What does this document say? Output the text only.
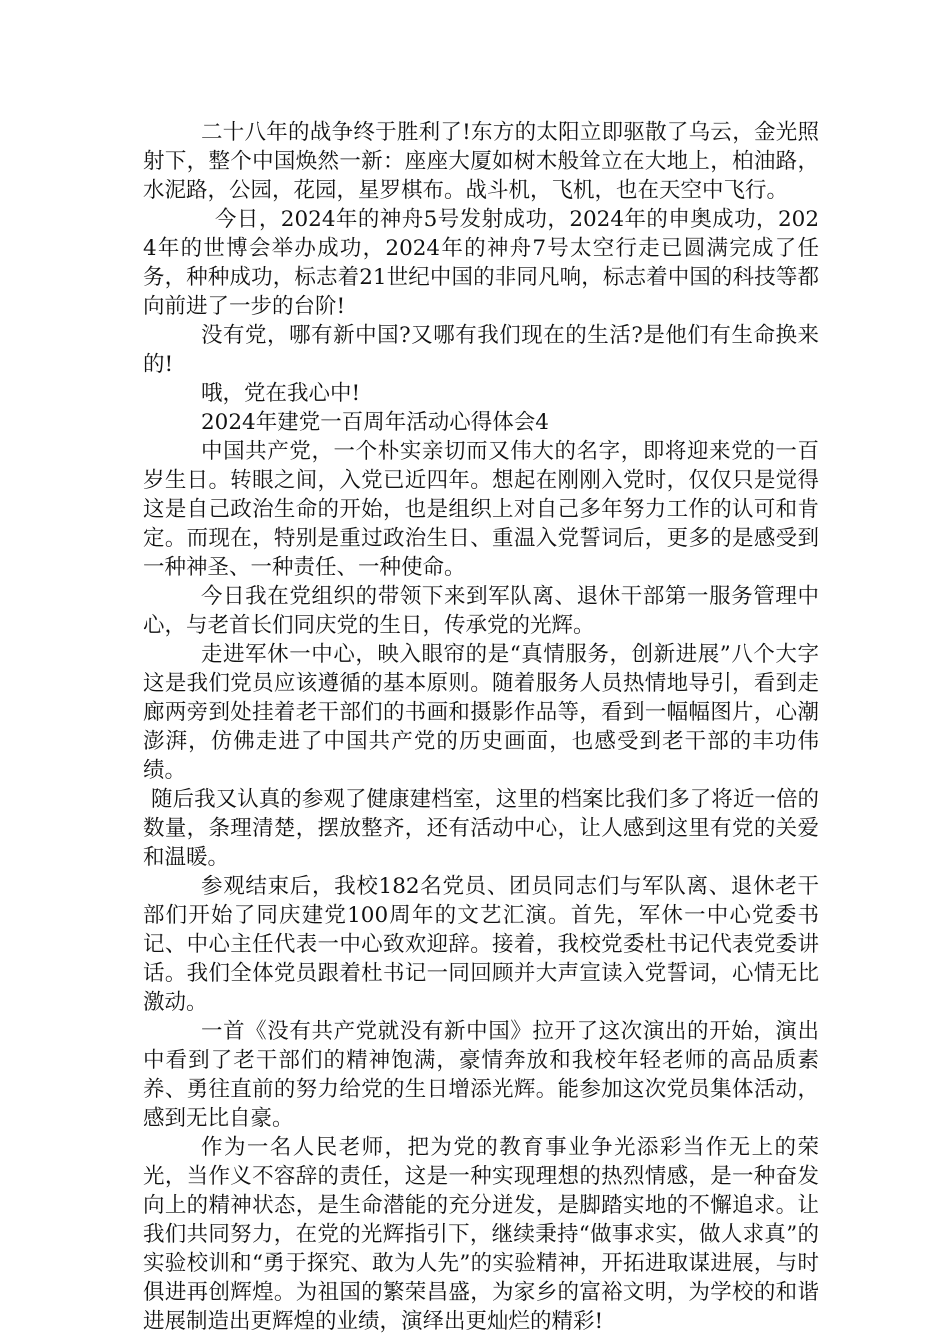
二十八年的战争终于胜利了!东方的太阳立即驱散了乌云，金光照射下，整个中国焕然一新：座座大厦如树木般耸立在大地上，柏油路，水泥路，公园，花园，星罗棋布。战斗机，飞机，也在天空中飞行。

今日，2024年的神舟5号发射成功，2024年的申奥成功，2024年的世博会举办成功，2024年的神舟7号太空行走已圆满完成了任务，种种成功，标志着21世纪中国的非同凡响，标志着中国的科技等都向前进了一步的台阶!

没有党，哪有新中国?又哪有我们现在的生活?是他们有生命换来的!

哦，党在我心中!

2024年建党一百周年活动心得体会4

中国共产党，一个朴实亲切而又伟大的名字，即将迎来党的一百岁生日。转眼之间，入党已近四年。想起在刚刚入党时，仅仅只是觉得这是自己政治生命的开始，也是组织上对自己多年努力工作的认可和肯定。而现在，特别是重过政治生日、重温入党誓词后，更多的是感受到一种神圣、一种责任、一种使命。

今日我在党组织的带领下来到军队离、退休干部第一服务管理中心，与老首长们同庆党的生日，传承党的光辉。

走进军休一中心，映入眼帘的是“真情服务，创新进展”八个大字这是我们党员应该遵循的基本原则。随着服务人员热情地导引，看到走廊两旁到处挂着老干部们的书画和摄影作品等，看到一幅幅图片，心潮澎湃，仿佛走进了中国共产党的历史画面，也感受到老干部的丰功伟绩。

随后我又认真的参观了健康建档室，这里的档案比我们多了将近一倍的数量，条理清楚，摆放整齐，还有活动中心，让人感到这里有党的关爱和温暖。

参观结束后，我校182名党员、团员同志们与军队离、退休老干部们开始了同庆建党100周年的文艺汇演。首先，军休一中心党委书记、中心主任代表一中心致欢迎辞。接着，我校党委杜书记代表党委讲话。我们全体党员跟着杜书记一同回顾并大声宣读入党誓词，心情无比激动。

一首《没有共产党就没有新中国》拉开了这次演出的开始，演出中看到了老干部们的精神饱满，豪情奔放和我校年轻老师的高品质素养、勇往直前的努力给党的生日增添光辉。能参加这次党员集体活动，感到无比自豪。

作为一名人民老师，把为党的教育事业争光添彩当作无上的荣光，当作义不容辞的责任，这是一种实现理想的热烈情感，是一种奋发向上的精神状态，是生命潜能的充分迸发，是脚踏实地的不懈追求。让我们共同努力，在党的光辉指引下，继续秉持“做事求实，做人求真”的实验校训和“勇于探究、敢为人先”的实验精神，开拓进取谋进展，与时俱进再创辉煌。为祖国的繁荣昌盛，为家乡的富裕文明，为学校的和谐进展制造出更辉煌的业绩，演绎出更灿烂的精彩!
